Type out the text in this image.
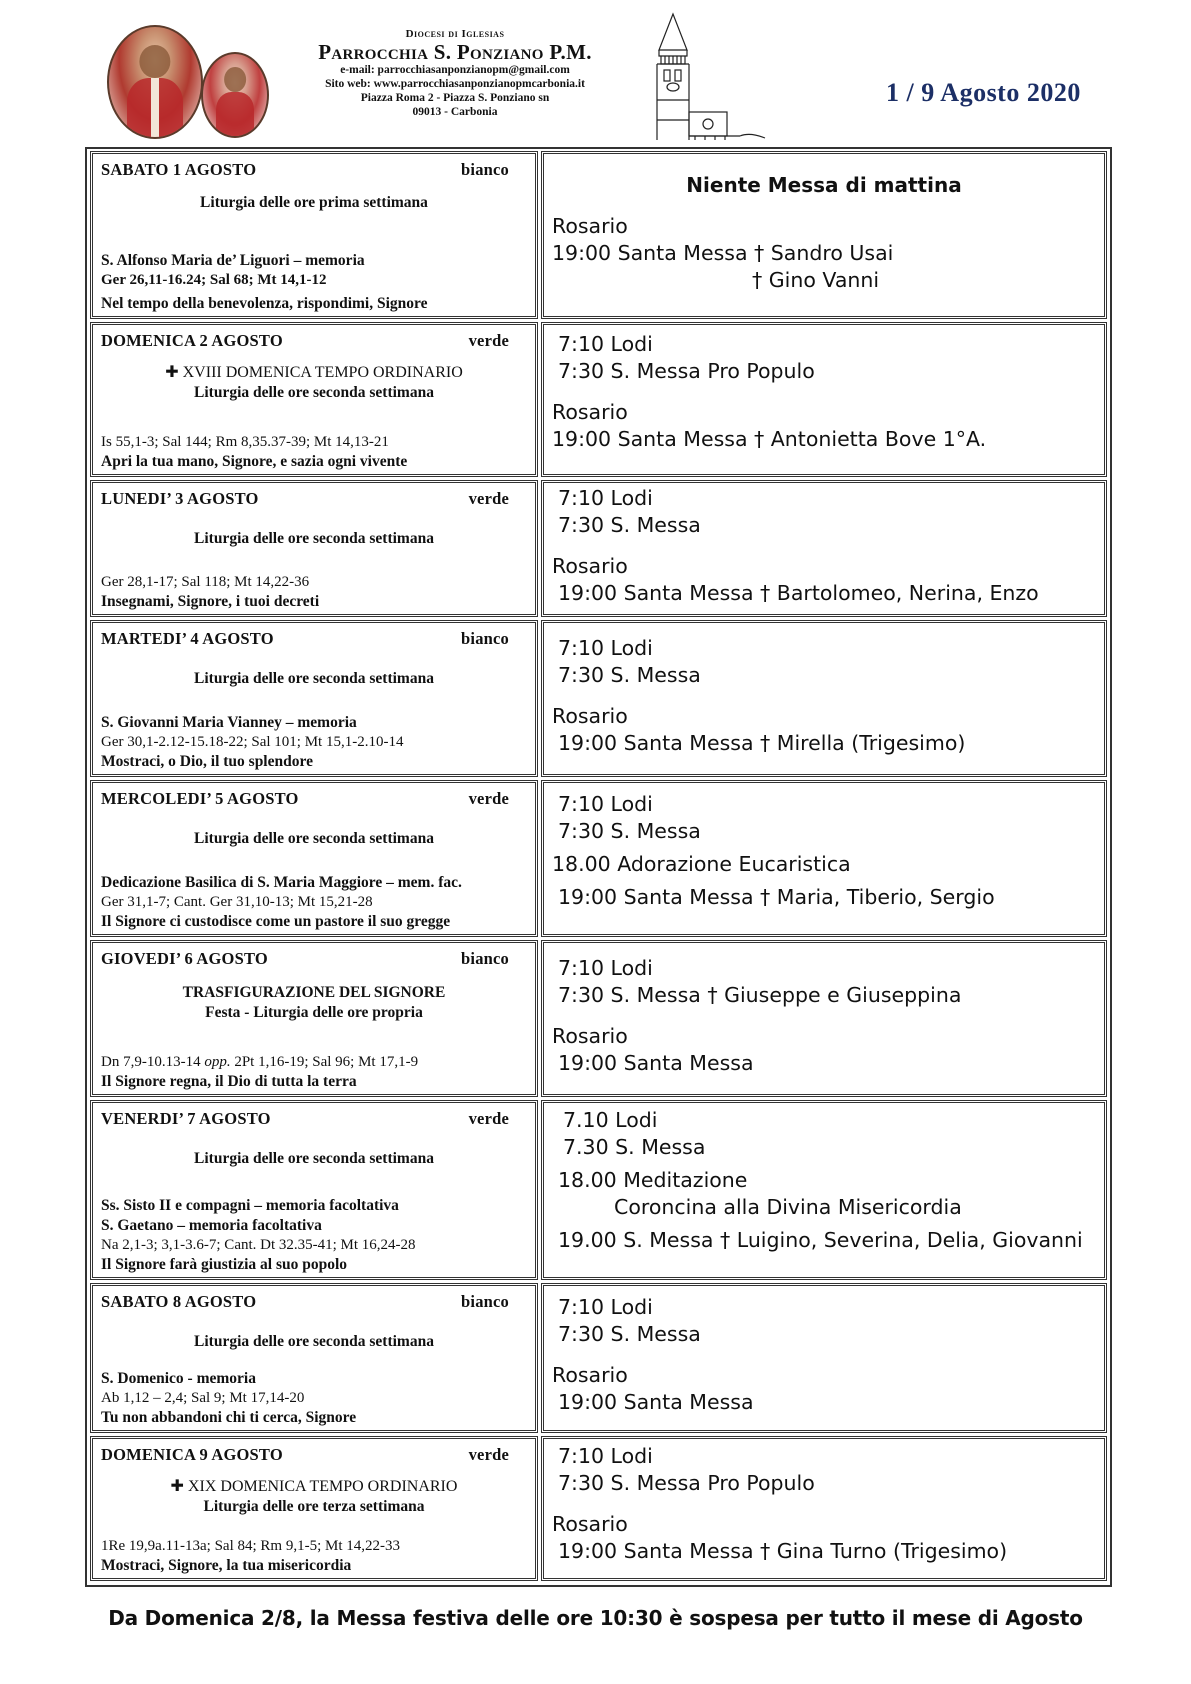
Diocesi di Iglesias
Parrocchia S. Ponziano P.M.
e-mail: parrocchiasanponzianopm@gmail.com
Sito web: www.parrocchiasanponzianopmcarbonia.it
Piazza Roma 2 - Piazza S. Ponziano sn
09013 - Carbonia
1 / 9 Agosto 2020
SABATO 1 AGOSTO	bianco
Liturgia delle ore prima settimana
S. Alfonso Maria de’ Liguori – memoria
Ger 26,11-16.24; Sal 68; Mt 14,1-12
Nel tempo della benevolenza, rispondimi, Signore
Niente Messa di mattina
Rosario
19:00 Santa Messa † Sandro Usai
† Gino Vanni
DOMENICA 2 AGOSTO	verde
✚ XVIII DOMENICA TEMPO ORDINARIO
Liturgia delle ore seconda settimana
Is 55,1-3; Sal 144; Rm 8,35.37-39; Mt 14,13-21
Apri la tua mano, Signore, e sazia ogni vivente
7:10 Lodi
7:30 S. Messa Pro Populo
Rosario
19:00 Santa Messa † Antonietta Bove 1°A.
LUNEDI’ 3 AGOSTO	verde
Liturgia delle ore seconda settimana
Ger 28,1-17; Sal 118; Mt 14,22-36
Insegnami, Signore, i tuoi decreti
7:10 Lodi
7:30 S. Messa
Rosario
19:00 Santa Messa † Bartolomeo, Nerina, Enzo
MARTEDI’ 4 AGOSTO	bianco
Liturgia delle ore seconda settimana
S. Giovanni Maria Vianney – memoria
Ger 30,1-2.12-15.18-22; Sal 101; Mt 15,1-2.10-14
Mostraci, o Dio, il tuo splendore
7:10 Lodi
7:30 S. Messa
Rosario
19:00 Santa Messa † Mirella (Trigesimo)
MERCOLEDI’ 5 AGOSTO	verde
Liturgia delle ore seconda settimana
Dedicazione Basilica di S. Maria Maggiore – mem. fac.
Ger 31,1-7; Cant. Ger 31,10-13; Mt 15,21-28
Il Signore ci custodisce come un pastore il suo gregge
7:10 Lodi
7:30 S. Messa
18.00 Adorazione Eucaristica
19:00 Santa Messa † Maria, Tiberio, Sergio
GIOVEDI’ 6 AGOSTO	bianco
TRASFIGURAZIONE DEL SIGNORE
Festa - Liturgia delle ore propria
Dn 7,9-10.13-14 opp. 2Pt 1,16-19; Sal 96; Mt 17,1-9
Il Signore regna, il Dio di tutta la terra
7:10 Lodi
7:30 S. Messa † Giuseppe e Giuseppina
Rosario
19:00 Santa Messa
VENERDI’ 7 AGOSTO	verde
Liturgia delle ore seconda settimana
Ss. Sisto II e compagni – memoria facoltativa
S. Gaetano – memoria facoltativa
Na 2,1-3; 3,1-3.6-7; Cant. Dt 32.35-41; Mt 16,24-28
Il Signore farà giustizia al suo popolo
7.10 Lodi
7.30 S. Messa
18.00 Meditazione
Coroncina alla Divina Misericordia
19.00 S. Messa † Luigino, Severina, Delia, Giovanni
SABATO 8 AGOSTO	bianco
Liturgia delle ore seconda settimana
S. Domenico - memoria
Ab 1,12 – 2,4; Sal 9; Mt 17,14-20
Tu non abbandoni chi ti cerca, Signore
7:10 Lodi
7:30 S. Messa
Rosario
19:00 Santa Messa
DOMENICA 9 AGOSTO	verde
✚ XIX DOMENICA TEMPO ORDINARIO
Liturgia delle ore terza settimana
1Re 19,9a.11-13a; Sal 84; Rm 9,1-5; Mt 14,22-33
Mostraci, Signore, la tua misericordia
7:10 Lodi
7:30 S. Messa Pro Populo
Rosario
19:00 Santa Messa † Gina Turno (Trigesimo)
Da Domenica 2/8, la Messa festiva delle ore 10:30 è sospesa per tutto il mese di Agosto
